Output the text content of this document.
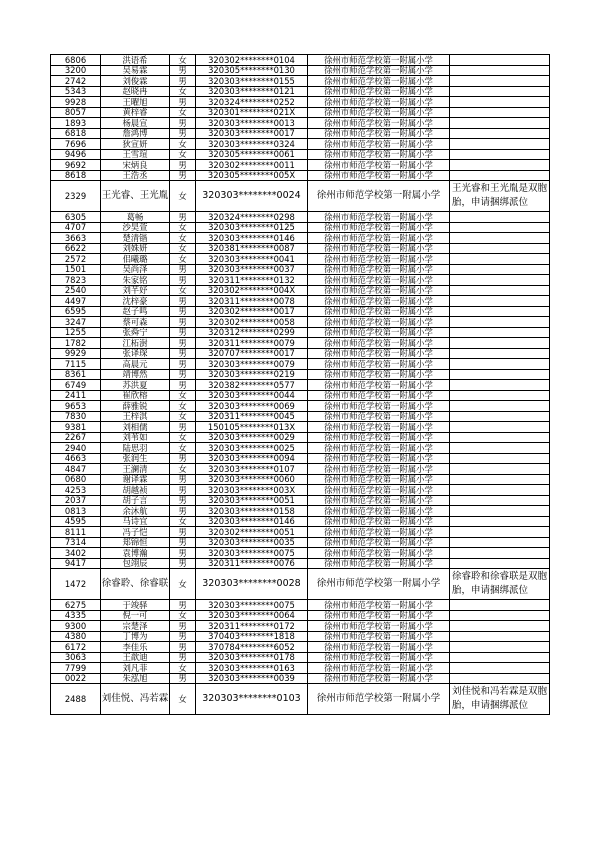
6806	洪语希	女	320302********0104	徐州市师范学校第一附属小学	
3200	吴易霖	男	320305********0130	徐州市师范学校第一附属小学	
2742	刘俊霖	男	320303********0155	徐州市师范学校第一附属小学	
5343	赵晓冉	女	320303********0121	徐州市师范学校第一附属小学	
9928	王曜旭	男	320324********0252	徐州市师范学校第一附属小学	
8057	黄梓睿	女	320301********021X	徐州市师范学校第一附属小学	
1893	杨晨宣	男	320303********0013	徐州市师范学校第一附属小学	
6818	詹鸿博	男	320303********0017	徐州市师范学校第一附属小学	
7696	狄宣妍	女	320303********0324	徐州市师范学校第一附属小学	
9496	王雪瑄	女	320305********0061	徐州市师范学校第一附属小学	
9692	宋炳良	男	320302********0011	徐州市师范学校第一附属小学	
8618	王浩丞	男	320305********005X	徐州市师范学校第一附属小学	
2329	王光睿、王光胤	女	320303********0024	徐州市师范学校第一附属小学	王光睿和王光胤是双胞胎，申请捆绑派位
6305	葛畅	男	320324********0298	徐州市师范学校第一附属小学	
4707	沙昊萱	女	320303********0125	徐州市师范学校第一附属小学	
3663	楚清锴	女	320303********0146	徐州市师范学校第一附属小学	
6622	刘姝妍	女	320381********0087	徐州市师范学校第一附属小学	
2572	佀曦璐	女	320303********0041	徐州市师范学校第一附属小学	
1501	吴尚泽	男	320303********0037	徐州市师范学校第一附属小学	
7823	朱家铭	男	320311********0132	徐州市师范学校第一附属小学	
2540	刘芊妤	女	320302********004X	徐州市师范学校第一附属小学	
4497	沈梓豪	男	320311********0078	徐州市师范学校第一附属小学	
6595	赵子鸣	男	320302********0017	徐州市师范学校第一附属小学	
3247	蔡可森	男	320302********0058	徐州市师范学校第一附属小学	
1255	张舜宁	男	320312********0299	徐州市师范学校第一附属小学	
1782	江柘澍	男	320311********0079	徐州市师范学校第一附属小学	
9929	张译琛	男	320707********0017	徐州市师范学校第一附属小学	
7115	高晨元	男	320303********0079	徐州市师范学校第一附属小学	
8361	靖博然	男	320303********0219	徐州市师范学校第一附属小学	
6749	苏洪夏	男	320382********0577	徐州市师范学校第一附属小学	
2411	崔欣榕	女	320303********0044	徐州市师范学校第一附属小学	
9653	薛雅锐	女	320303********0069	徐州市师范学校第一附属小学	
7830	王梓淇	女	320311********0045	徐州市师范学校第一附属小学	
9381	刘相儒	男	150105********013X	徐州市师范学校第一附属小学	
2267	刘苇如	女	320303********0029	徐州市师范学校第一附属小学	
2940	陆思羽	女	320303********0025	徐州市师范学校第一附属小学	
4663	张润生	男	320303********0094	徐州市师范学校第一附属小学	
4847	王澜清	女	320303********0107	徐州市师范学校第一附属小学	
0680	谢译霖	男	320303********0060	徐州市师范学校第一附属小学	
4253	胡越祯	男	320303********003X	徐州市师范学校第一附属小学	
2037	胡子言	男	320303********0051	徐州市师范学校第一附属小学	
0813	余沐航	男	320303********0158	徐州市师范学校第一附属小学	
4595	马诗宜	女	320303********0146	徐州市师范学校第一附属小学	
8111	冯子恺	男	320302********0051	徐州市师范学校第一附属小学	
7314	郑锦恒	男	320303********0035	徐州市师范学校第一附属小学	
3402	袁博瀚	男	320303********0075	徐州市师范学校第一附属小学	
9417	包翊辰	男	320311********0076	徐州市师范学校第一附属小学	
1472	徐睿聆、徐睿联	女	320303********0028	徐州市师范学校第一附属小学	徐睿聆和徐睿联是双胞胎，申请捆绑派位
6275	于竣驿	男	320303********0075	徐州市师范学校第一附属小学	
4335	倪一可	女	320303********0064	徐州市师范学校第一附属小学	
9300	宗楚泽	男	320311********0172	徐州市师范学校第一附属小学	
4380	丁博为	男	370403********1818	徐州市师范学校第一附属小学	
6172	李佳乐	男	370784********6052	徐州市师范学校第一附属小学	
3063	王歆迪	男	320303********0178	徐州市师范学校第一附属小学	
7799	刘凡菲	女	320303********0163	徐州市师范学校第一附属小学	
0022	朱泓旭	男	320303********0039	徐州市师范学校第一附属小学	
2488	刘佳悦、冯若霖	女	320303********0103	徐州市师范学校第一附属小学	刘佳悦和冯若霖是双胞胎，申请捆绑派位
